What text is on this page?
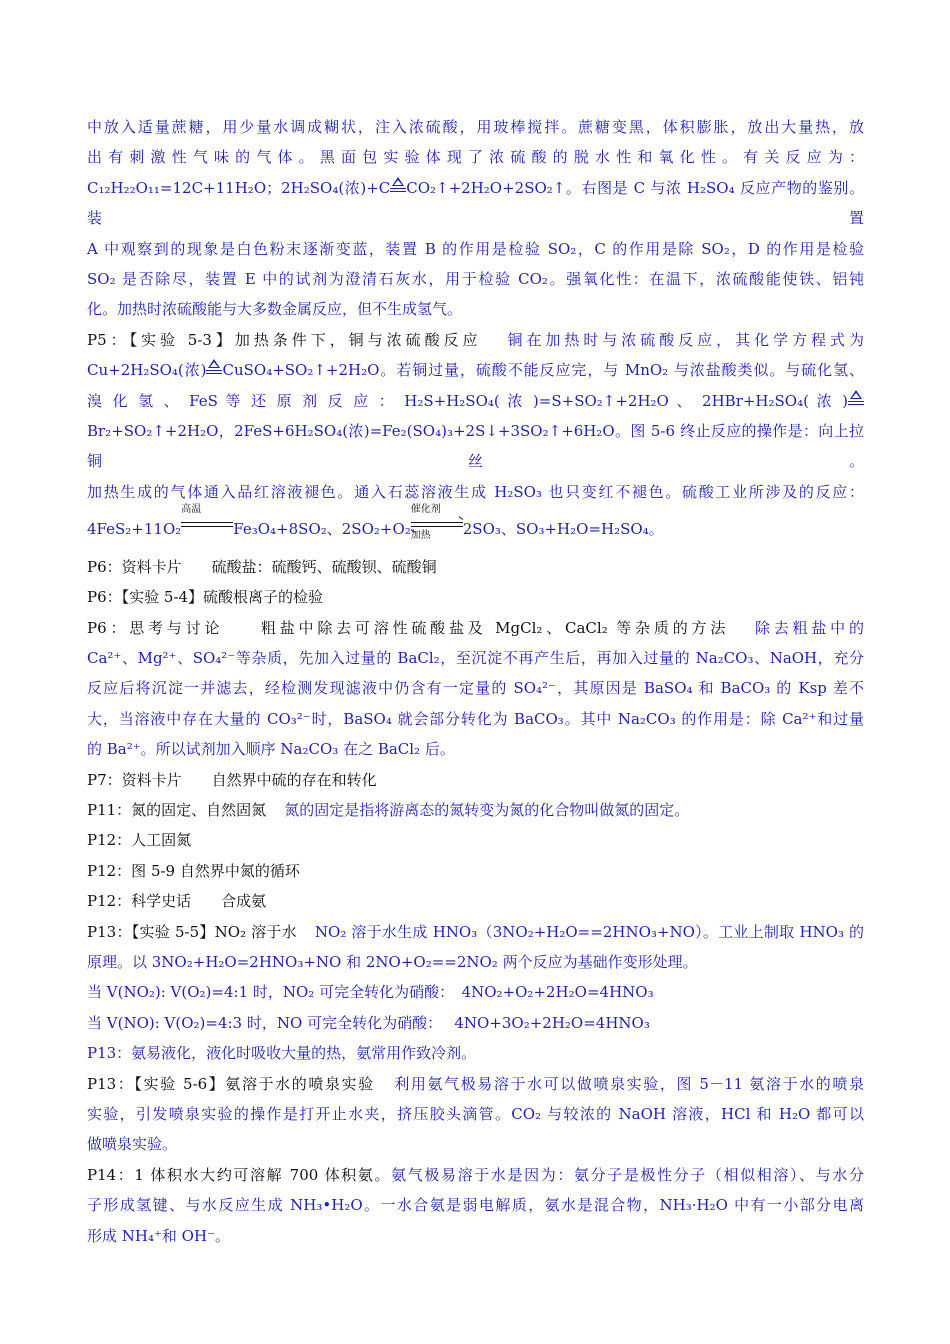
中放入适量蔗糖，用少量水调成糊状，注入浓硫酸，用玻棒搅拌。蔗糖变黑，体积膨胀，放出大量热，放

出有刺激性气味的气体。黑面包实验体现了浓硫酸的脱水性和氧化性。有关反应为：

C₁₂H₂₂O₁₁=12C+11H₂O；2H₂SO₄(浓)+C CO₂↑+2H₂O+2SO₂↑。右图是 C 与浓 H₂SO₄ 反应产物的鉴别。装置

A 中观察到的现象是白色粉末逐渐变蓝，装置 B 的作用是检验 SO₂，C 的作用是除 SO₂，D 的作用是检验

SO₂ 是否除尽，装置 E 中的试剂为澄清石灰水，用于检验 CO₂。强氧化性：在温下，浓硫酸能使铁、铝钝

化。加热时浓硫酸能与大多数金属反应，但不生成氢气。

P5：【实验 5-3】加热条件下，铜与浓硫酸反应 铜在加热时与浓硫酸反应，其化学方程式为

Cu+2H₂SO₄(浓) CuSO₄+SO₂↑+2H₂O。若铜过量，硫酸不能反应完，与 MnO₂ 与浓盐酸类似。与硫化氢、

溴 化 氢 、 FeS 等 还 原 剂 反 应 ： H₂S+H₂SO₄( 浓 )=S+SO₂↑+2H₂O 、 2HBr+H₂SO₄( 浓 )

Br₂+SO₂↑+2H₂O，2FeS+6H₂SO₄(浓)=Fe₂(SO₄)₃+2S↓+3SO₂↑+6H₂O。图 5-6 终止反应的操作是：向上拉铜丝。

加热生成的气体通入品红溶液褪色。通入石蕊溶液生成 H₂SO₃ 也只变红不褪色。硫酸工业所涉及的反应：

4FeS₂+11O₂
高温
Fe₃O₄+8SO₂、2SO₂+O₂
催化剂
加热	2SO₃、SO₃+H₂O=H₂SO₄。

P6：资料卡片　　硫酸盐：硫酸钙、硫酸钡、硫酸铜

P6：【实验 5-4】硫酸根离子的检验

P6：思考与讨论　　粗盐中除去可溶性硫酸盐及 MgCl₂、CaCl₂ 等杂质的方法 除去粗盐中的

Ca²⁺、Mg²⁺、SO₄²⁻等杂质，先加入过量的 BaCl₂，至沉淀不再产生后，再加入过量的 Na₂CO₃、NaOH，充分

反应后将沉淀一并滤去，经检测发现滤液中仍含有一定量的 SO₄²⁻，其原因是 BaSO₄ 和 BaCO₃ 的 Ksp 差不

大，当溶液中存在大量的 CO₃²⁻时，BaSO₄ 就会部分转化为 BaCO₃。其中 Na₂CO₃ 的作用是：除 Ca²⁺和过量

的 Ba²⁺。所以试剂加入顺序 Na₂CO₃ 在之 BaCl₂ 后。

P7：资料卡片　　自然界中硫的存在和转化

P11：氮的固定、自然固氮 氮的固定是指将游离态的氮转变为氮的化合物叫做氮的固定。

P12：人工固氮

P12：图 5-9 自然界中氮的循环

P12：科学史话　　合成氨

P13：【实验 5-5】NO₂ 溶于水 NO₂ 溶于水生成 HNO₃（3NO₂+H₂O==2HNO₃+NO）。工业上制取 HNO₃ 的

原理。以 3NO₂+H₂O=2HNO₃+NO 和 2NO+O₂==2NO₂ 两个反应为基础作变形处理。

当 V(NO₂): V(O₂)=4:1 时，NO₂ 可完全转化为硝酸：　4NO₂+O₂+2H₂O=4HNO₃

当 V(NO): V(O₂)=4:3 时，NO 可完全转化为硝酸：　 4NO+3O₂+2H₂O=4HNO₃

P13：氨易液化，液化时吸收大量的热，氨常用作致冷剂。

P13：【实验 5-6】氨溶于水的喷泉实验 利用氨气极易溶于水可以做喷泉实验，图 5－11 氨溶于水的喷泉

实验，引发喷泉实验的操作是打开止水夹，挤压胶头滴管。CO₂ 与较浓的 NaOH 溶液，HCl 和 H₂O 都可以

做喷泉实验。

P14：1 体积水大约可溶解 700 体积氨。氨气极易溶于水是因为：氨分子是极性分子（相似相溶）、与水分

子形成氢键、与水反应生成 NH₃•H₂O。一水合氨是弱电解质，氨水是混合物，NH₃·H₂O 中有一小部分电离

形成 NH₄⁺和 OH⁻。
